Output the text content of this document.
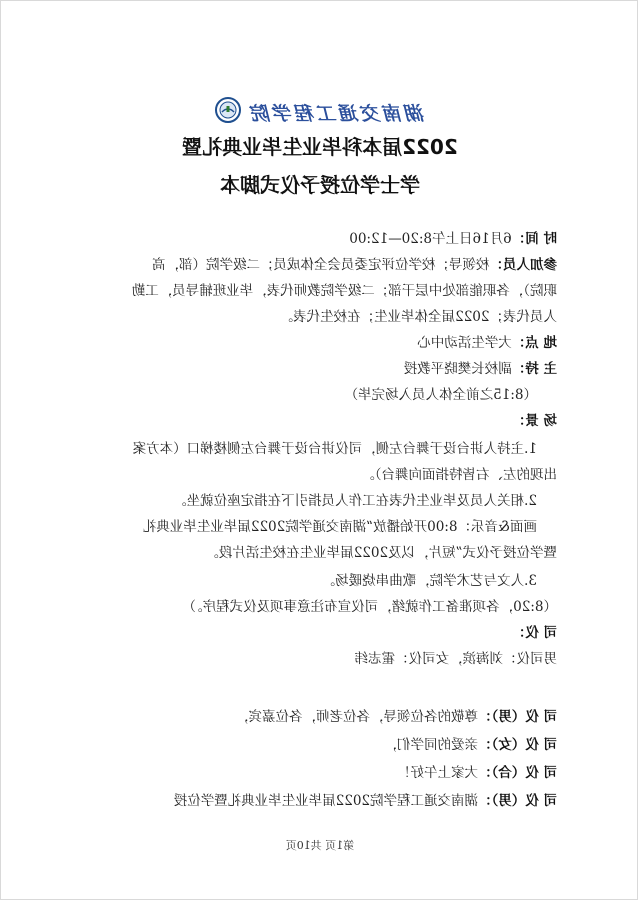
湖南交通工程学院
2022届本科毕业生毕业典礼暨
学士学位授予仪式脚本
时 间：6月16日上午8:20—12:00
参加人员：校领导；校学位评定委员会全体成员；二级学院（部，高
职院），各职能部处中层干部；二级学院教师代表，毕业班辅导员，工勤
人员代表；2022届全体毕业生；在校生代表。
地 点：大学生活动中心
主 持：副校长樊晓平教授
（8:15之前全体人员入场完毕）
场 景：
1.主持人讲台设于舞台左侧，司仪讲台设于舞台左侧楼梯口（本方案
出现的左、右皆特指面向舞台）。
2.相关人员及毕业生代表在工作人员指引下在指定座位就坐。
画面&音乐：8:00开始播放“湖南交通学院2022届毕业生毕业典礼
暨学位授予仪式”短片，以及2022届毕业生在校生活片段。
3.人文与艺术学院，歌曲串烧暖场。
（8:20，各项准备工作就绪，司仪宣布注意事项及仪式程序。）
司 仪：
男司仪：刘海滨，女司仪：霍志纬
司 仪（男）：尊敬的各位领导，各位老师，各位嘉宾，
司 仪（女）：亲爱的同学们，
司 仪（合）：大家上午好！
司 仪（男）：湖南交通工程学院2022届毕业生毕业典礼暨学位授
第1页 共10页
